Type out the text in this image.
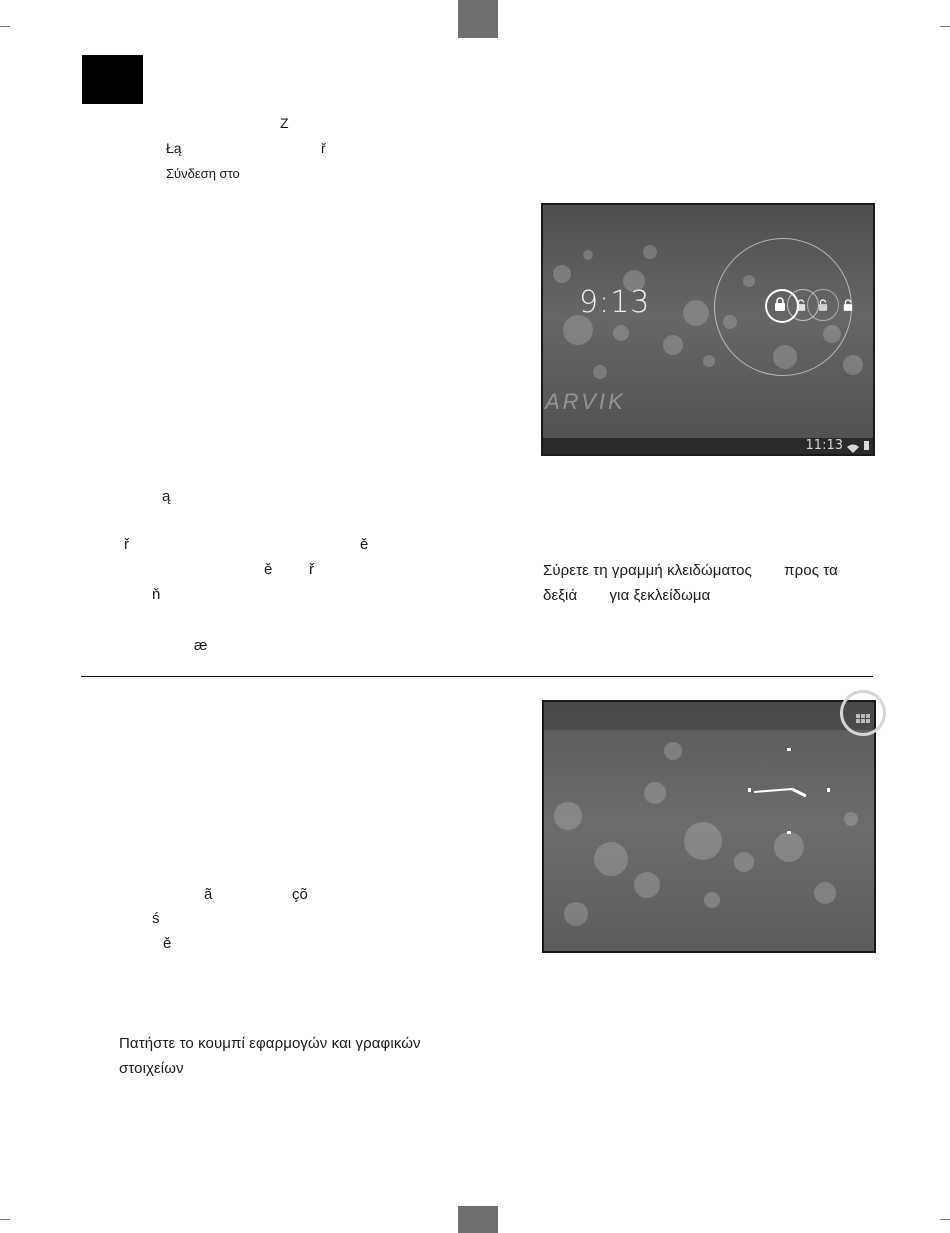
Z
Łą	ř
Σύνδεση στο
9:13
ARVIK
11:13
ą
ř	ě
ě ř
ň
æ
Σύρετε τη γραμμή κλειδώματος προς τα
δεξιά για ξεκλείδωμα
ã	çõ
ś
ě
Πατήστε το κουμπί εφαρμογών και γραφικών
στοιχείων
